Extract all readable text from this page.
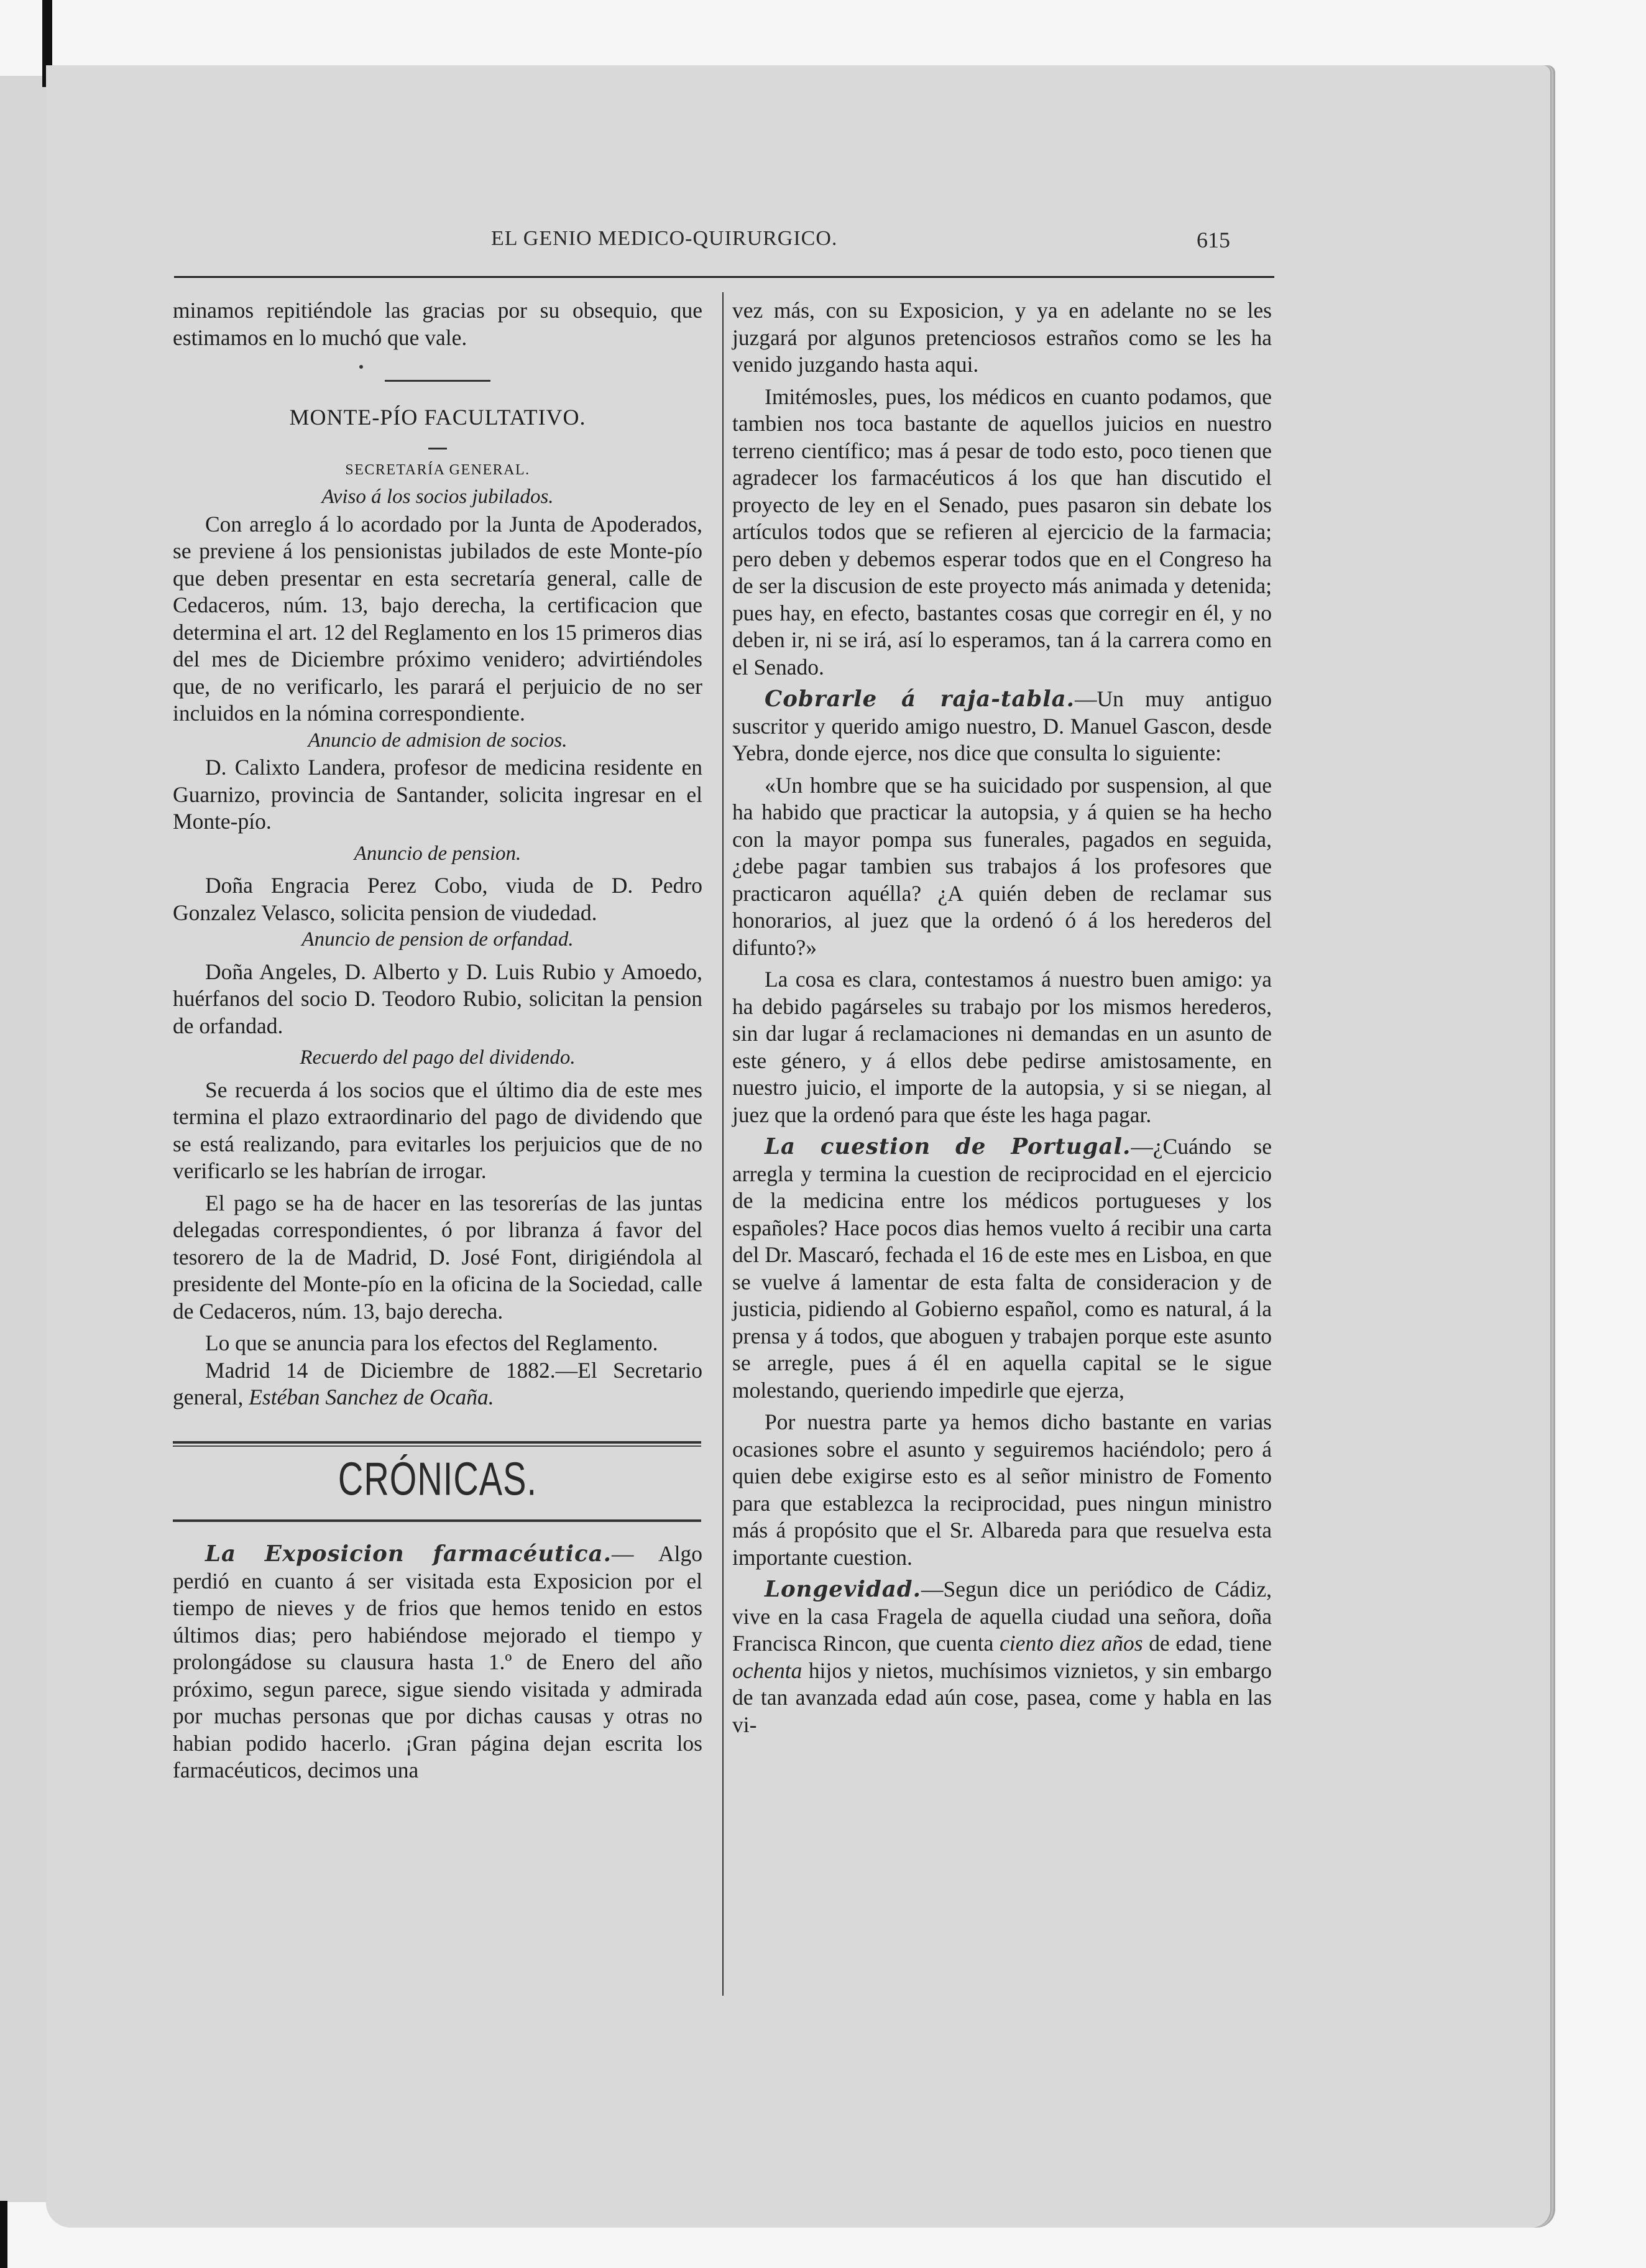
EL GENIO MEDICO-QUIRURGICO.	615

minamos repitiéndole las gracias por su obsequio, que estimamos en lo muchó que vale.

MONTE-PÍO FACULTATIVO.

SECRETARÍA GENERAL.

Aviso á los socios jubilados.

Con arreglo á lo acordado por la Junta de Apoderados, se previene á los pensionistas jubilados de este Monte-pío que deben presentar en esta secretaría general, calle de Cedaceros, núm. 13, bajo derecha, la certificacion que determina el art. 12 del Reglamento en los 15 primeros dias del mes de Diciembre próximo venidero; advirtiéndoles que, de no verificarlo, les parará el perjuicio de no ser incluidos en la nómina correspondiente.

Anuncio de admision de socios.

D. Calixto Landera, profesor de medicina residente en Guarnizo, provincia de Santander, solicita ingresar en el Monte-pío.

Anuncio de pension.

Doña Engracia Perez Cobo, viuda de D. Pedro Gonzalez Velasco, solicita pension de viudedad.

Anuncio de pension de orfandad.

Doña Angeles, D. Alberto y D. Luis Rubio y Amoedo, huérfanos del socio D. Teodoro Rubio, solicitan la pension de orfandad.

Recuerdo del pago del dividendo.

Se recuerda á los socios que el último dia de este mes termina el plazo extraordinario del pago de dividendo que se está realizando, para evitarles los perjuicios que de no verificarlo se les habrían de irrogar.

El pago se ha de hacer en las tesorerías de las juntas delegadas correspondientes, ó por libranza á favor del tesorero de la de Madrid, D. José Font, dirigiéndola al presidente del Monte-pío en la oficina de la Sociedad, calle de Cedaceros, núm. 13, bajo derecha.

Lo que se anuncia para los efectos del Reglamento.

Madrid 14 de Diciembre de 1882.—El Secretario general, Estéban Sanchez de Ocaña.

CRÓNICAS.

La Exposicion farmacéutica.— Algo perdió en cuanto á ser visitada esta Exposicion por el tiempo de nieves y de frios que hemos tenido en estos últimos dias; pero habiéndose mejorado el tiempo y prolongádose su clausura hasta 1.º de Enero del año próximo, segun parece, sigue siendo visitada y admirada por muchas personas que por dichas causas y otras no habian podido hacerlo. ¡Gran página dejan escrita los farmacéuticos, decimos una

vez más, con su Exposicion, y ya en adelante no se les juzgará por algunos pretenciosos estraños como se les ha venido juzgando hasta aqui.

Imitémosles, pues, los médicos en cuanto podamos, que tambien nos toca bastante de aquellos juicios en nuestro terreno científico; mas á pesar de todo esto, poco tienen que agradecer los farmacéuticos á los que han discutido el proyecto de ley en el Senado, pues pasaron sin debate los artículos todos que se refieren al ejercicio de la farmacia; pero deben y debemos esperar todos que en el Congreso ha de ser la discusion de este proyecto más animada y detenida; pues hay, en efecto, bastantes cosas que corregir en él, y no deben ir, ni se irá, así lo esperamos, tan á la carrera como en el Senado.

Cobrarle á raja-tabla.—Un muy antiguo suscritor y querido amigo nuestro, D. Manuel Gascon, desde Yebra, donde ejerce, nos dice que consulta lo siguiente:

«Un hombre que se ha suicidado por suspension, al que ha habido que practicar la autopsia, y á quien se ha hecho con la mayor pompa sus funerales, pagados en seguida, ¿debe pagar tambien sus trabajos á los profesores que practicaron aquélla? ¿A quién deben de reclamar sus honorarios, al juez que la ordenó ó á los herederos del difunto?»

La cosa es clara, contestamos á nuestro buen amigo: ya ha debido pagárseles su trabajo por los mismos herederos, sin dar lugar á reclamaciones ni demandas en un asunto de este género, y á ellos debe pedirse amistosamente, en nuestro juicio, el importe de la autopsia, y si se niegan, al juez que la ordenó para que éste les haga pagar.

La cuestion de Portugal.—¿Cuándo se arregla y termina la cuestion de reciprocidad en el ejercicio de la medicina entre los médicos portugueses y los españoles? Hace pocos dias hemos vuelto á recibir una carta del Dr. Mascaró, fechada el 16 de este mes en Lisboa, en que se vuelve á lamentar de esta falta de consideracion y de justicia, pidiendo al Gobierno español, como es natural, á la prensa y á todos, que aboguen y trabajen porque este asunto se arregle, pues á él en aquella capital se le sigue molestando, queriendo impedirle que ejerza,

Por nuestra parte ya hemos dicho bastante en varias ocasiones sobre el asunto y seguiremos haciéndolo; pero á quien debe exigirse esto es al señor ministro de Fomento para que establezca la reciprocidad, pues ningun ministro más á propósito que el Sr. Albareda para que resuelva esta importante cuestion.

Longevidad.—Segun dice un periódico de Cádiz, vive en la casa Fragela de aquella ciudad una señora, doña Francisca Rincon, que cuenta ciento diez años de edad, tiene ochenta hijos y nietos, muchísimos viznietos, y sin embargo de tan avanzada edad aún cose, pasea, come y habla en las vi-
